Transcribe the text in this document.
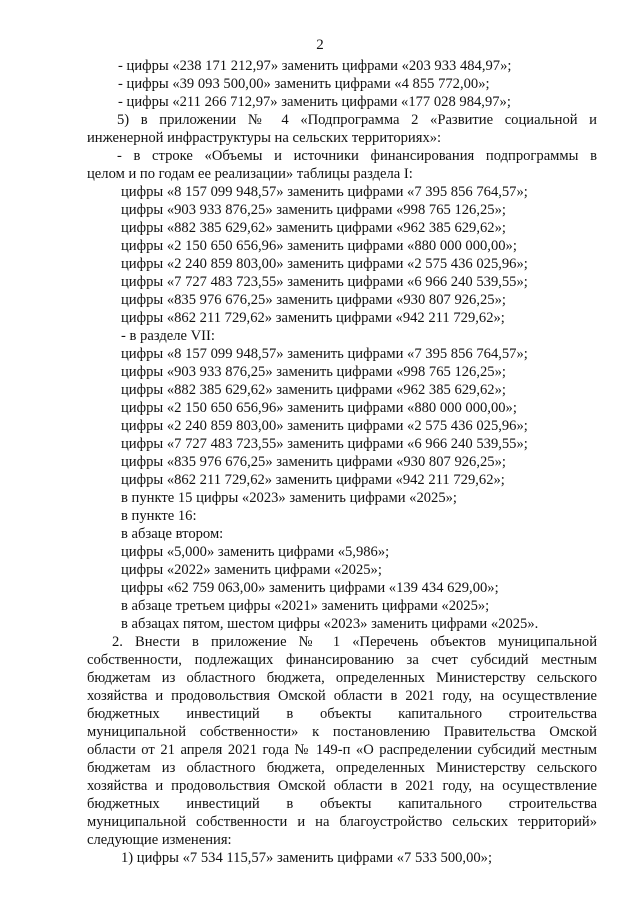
2
- цифры «238 171 212,97» заменить цифрами «203 933 484,97»;
- цифры «39 093 500,00» заменить цифрами «4 855 772,00»;
- цифры «211 266 712,97» заменить цифрами «177 028 984,97»;
5) в приложении № 4 «Подпрограмма 2 «Развитие социальной и
инженерной инфраструктуры на сельских территориях»:
- в строке «Объемы и источники финансирования подпрограммы в
целом и по годам ее реализации» таблицы раздела I:
цифры «8 157 099 948,57» заменить цифрами «7 395 856 764,57»;
цифры «903 933 876,25» заменить цифрами «998 765 126,25»;
цифры «882 385 629,62» заменить цифрами «962 385 629,62»;
цифры «2 150 650 656,96» заменить цифрами «880 000 000,00»;
цифры «2 240 859 803,00» заменить цифрами «2 575 436 025,96»;
цифры «7 727 483 723,55» заменить цифрами «6 966 240 539,55»;
цифры «835 976 676,25» заменить цифрами «930 807 926,25»;
цифры «862 211 729,62» заменить цифрами «942 211 729,62»;
- в разделе VII:
цифры «8 157 099 948,57» заменить цифрами «7 395 856 764,57»;
цифры «903 933 876,25» заменить цифрами «998 765 126,25»;
цифры «882 385 629,62» заменить цифрами «962 385 629,62»;
цифры «2 150 650 656,96» заменить цифрами «880 000 000,00»;
цифры «2 240 859 803,00» заменить цифрами «2 575 436 025,96»;
цифры «7 727 483 723,55» заменить цифрами «6 966 240 539,55»;
цифры «835 976 676,25» заменить цифрами «930 807 926,25»;
цифры «862 211 729,62» заменить цифрами «942 211 729,62»;
в пункте 15 цифры «2023» заменить цифрами «2025»;
в пункте 16:
в абзаце втором:
цифры «5,000» заменить цифрами «5,986»;
цифры «2022» заменить цифрами «2025»;
цифры «62 759 063,00» заменить цифрами «139 434 629,00»;
в абзаце третьем цифры «2021» заменить цифрами «2025»;
в абзацах пятом, шестом цифры «2023» заменить цифрами «2025».
2. Внести в приложение № 1 «Перечень объектов муниципальной
собственности, подлежащих финансированию за счет субсидий местным
бюджетам из областного бюджета, определенных Министерству сельского
хозяйства и продовольствия Омской области в 2021 году, на осуществление
бюджетных инвестиций в объекты капитального строительства
муниципальной собственности» к постановлению Правительства Омской
области от 21 апреля 2021 года № 149-п «О распределении субсидий местным
бюджетам из областного бюджета, определенных Министерству сельского
хозяйства и продовольствия Омской области в 2021 году, на осуществление
бюджетных инвестиций в объекты капитального строительства
муниципальной собственности и на благоустройство сельских территорий»
следующие изменения:
1) цифры «7 534 115,57» заменить цифрами «7 533 500,00»;
